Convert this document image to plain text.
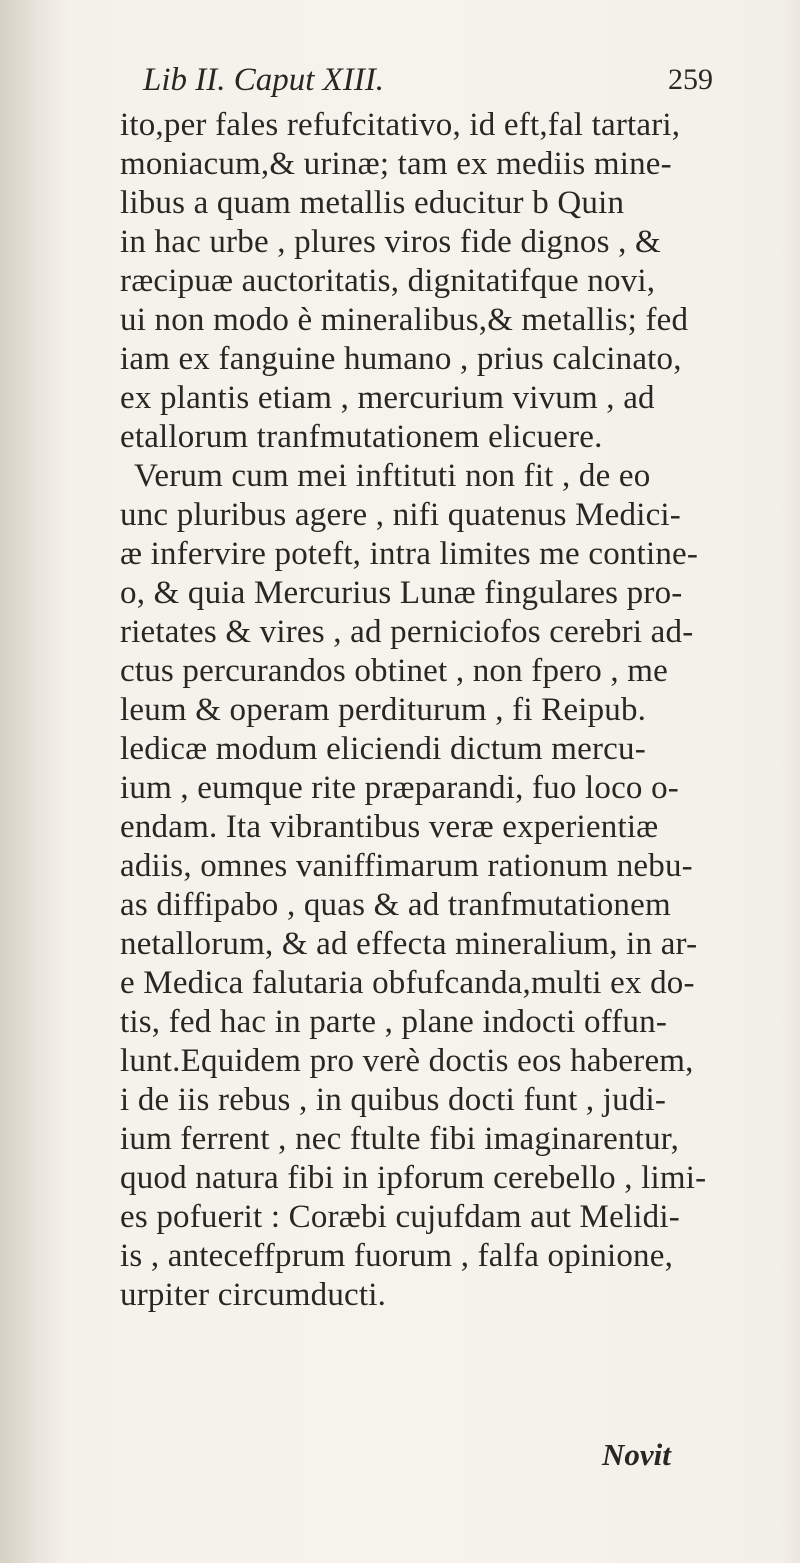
Lib II. Caput XIII.	259
ito,per fales refufcitativo, id eft,fal tartari,
moniacum,& urinæ; tam ex mediis mine-
libus a quam metallis educitur b Quin
in hac urbe , plures viros fide dignos , &
ræcipuæ auctoritatis, dignitatifque novi,
ui non modo è mineralibus,& metallis; fed
iam ex fanguine humano , prius calcinato,
ex plantis etiam , mercurium vivum , ad
etallorum tranfmutationem elicuere.
Verum cum mei inftituti non fit , de eo
unc pluribus agere , nifi quatenus Medici-
æ infervire poteft, intra limites me contine-
o, & quia Mercurius Lunæ fingulares pro-
rietates & vires , ad perniciofos cerebri ad-
ctus percurandos obtinet , non fpero , me
leum & operam perditurum , fi Reipub.
ledicæ modum eliciendi dictum mercu-
ium , eumque rite præparandi, fuo loco o-
endam. Ita vibrantibus veræ experientiæ
adiis, omnes vaniffimarum rationum nebu-
as diffipabo , quas & ad tranfmutationem
netallorum, & ad effecta mineralium, in ar-
e Medica falutaria obfufcanda,multi ex do-
tis, fed hac in parte , plane indocti offun-
lunt.Equidem pro verè doctis eos haberem,
i de iis rebus , in quibus docti funt , judi-
ium ferrent , nec ftulte fibi imaginarentur,
quod natura fibi in ipforum cerebello , limi-
es pofuerit : Coræbi cujufdam aut Melidi-
is , anteceffprum fuorum , falfa opinione,
urpiter circumducti.
Novit
